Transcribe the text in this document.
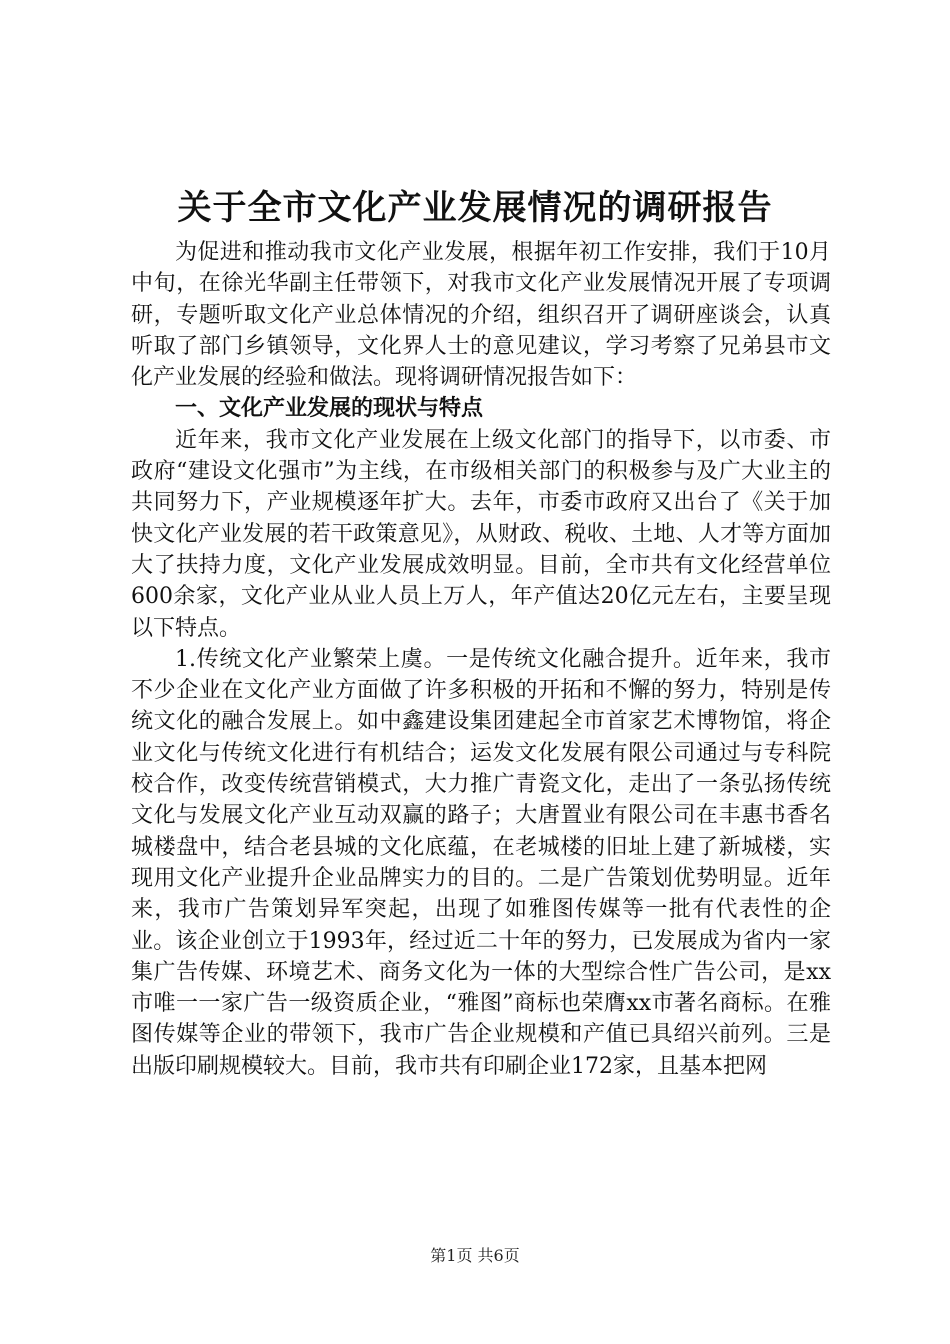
关于全市文化产业发展情况的调研报告

为促进和推动我市文化产业发展，根据年初工作安排，我们于10月中旬，在徐光华副主任带领下，对我市文化产业发展情况开展了专项调研，专题听取文化产业总体情况的介绍，组织召开了调研座谈会，认真听取了部门乡镇领导，文化界人士的意见建议，学习考察了兄弟县市文化产业发展的经验和做法。现将调研情况报告如下：

一、文化产业发展的现状与特点

近年来，我市文化产业发展在上级文化部门的指导下，以市委、市政府“建设文化强市”为主线，在市级相关部门的积极参与及广大业主的共同努力下，产业规模逐年扩大。去年，市委市政府又出台了《关于加快文化产业发展的若干政策意见》，从财政、税收、土地、人才等方面加大了扶持力度，文化产业发展成效明显。目前，全市共有文化经营单位600余家，文化产业从业人员上万人，年产值达20亿元左右，主要呈现以下特点。

1.传统文化产业繁荣上虞。一是传统文化融合提升。近年来，我市不少企业在文化产业方面做了许多积极的开拓和不懈的努力，特别是传统文化的融合发展上。如中鑫建设集团建起全市首家艺术博物馆，将企业文化与传统文化进行有机结合；运发文化发展有限公司通过与专科院校合作，改变传统营销模式，大力推广青瓷文化，走出了一条弘扬传统文化与发展文化产业互动双赢的路子；大唐置业有限公司在丰惠书香名城楼盘中，结合老县城的文化底蕴，在老城楼的旧址上建了新城楼，实现用文化产业提升企业品牌实力的目的。二是广告策划优势明显。近年来，我市广告策划异军突起，出现了如雅图传媒等一批有代表性的企业。该企业创立于1993年，经过近二十年的努力，已发展成为省内一家集广告传媒、环境艺术、商务文化为一体的大型综合性广告公司，是xx市唯一一家广告一级资质企业，“雅图”商标也荣膺xx市著名商标。在雅图传媒等企业的带领下，我市广告企业规模和产值已具绍兴前列。三是出版印刷规模较大。目前，我市共有印刷企业172家，且基本把网

第1页 共6页
